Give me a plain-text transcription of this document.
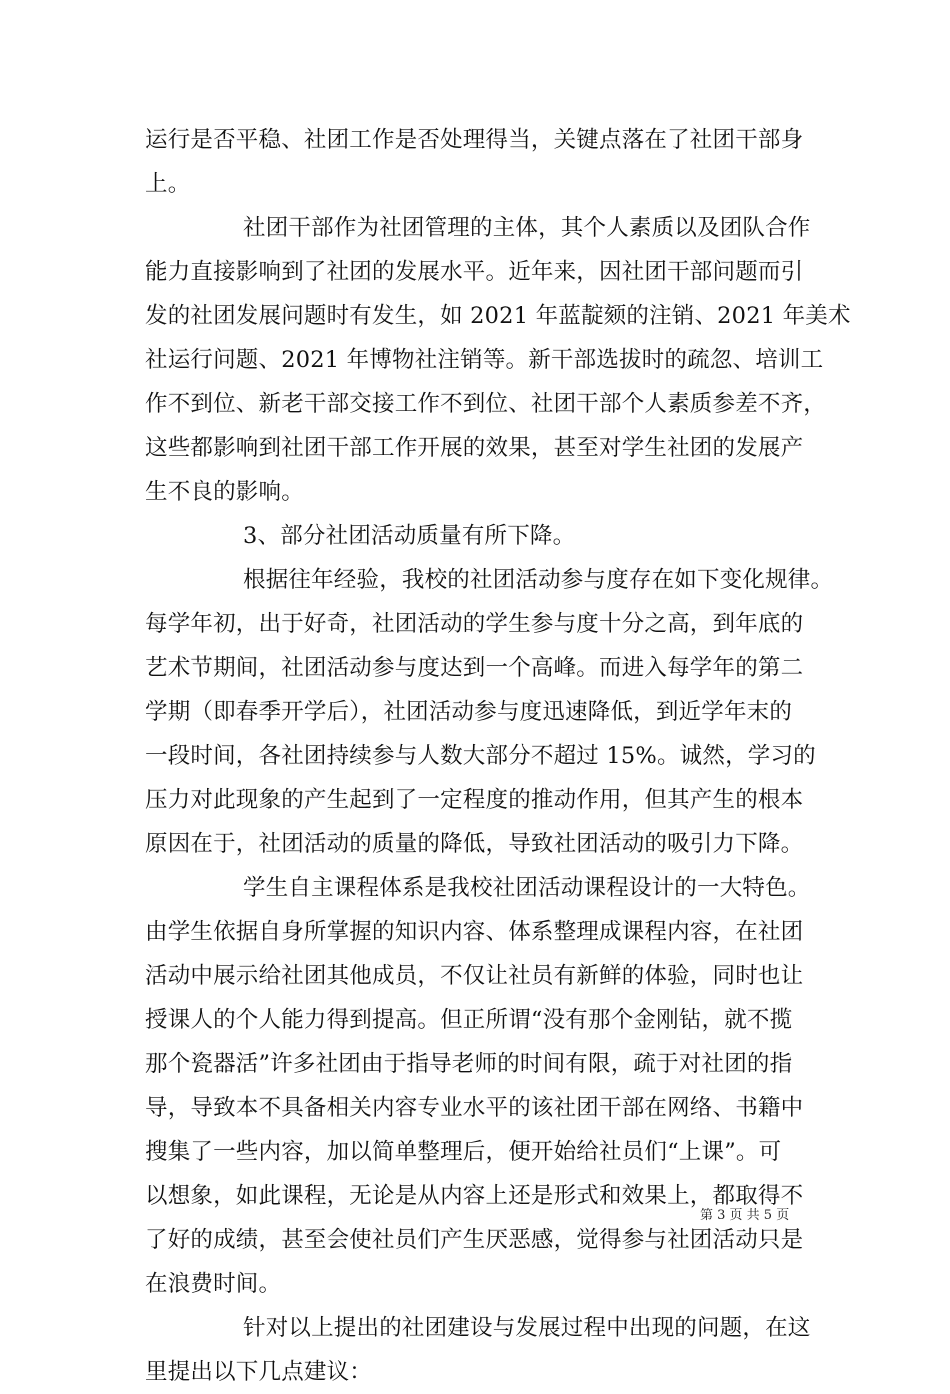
运行是否平稳、社团工作是否处理得当，关键点落在了社团干部身
上。
社团干部作为社团管理的主体，其个人素质以及团队合作
能力直接影响到了社团的发展水平。近年来，因社团干部问题而引
发的社团发展问题时有发生，如 2021 年蓝靛颏的注销、2021 年美术
社运行问题、2021 年博物社注销等。新干部选拔时的疏忽、培训工
作不到位、新老干部交接工作不到位、社团干部个人素质参差不齐，
这些都影响到社团干部工作开展的效果，甚至对学生社团的发展产
生不良的影响。
3、部分社团活动质量有所下降。
根据往年经验，我校的社团活动参与度存在如下变化规律。
每学年初，出于好奇，社团活动的学生参与度十分之高，到年底的
艺术节期间，社团活动参与度达到一个高峰。而进入每学年的第二
学期（即春季开学后），社团活动参与度迅速降低，到近学年末的
一段时间，各社团持续参与人数大部分不超过 15%。诚然，学习的
压力对此现象的产生起到了一定程度的推动作用，但其产生的根本
原因在于，社团活动的质量的降低，导致社团活动的吸引力下降。
学生自主课程体系是我校社团活动课程设计的一大特色。
由学生依据自身所掌握的知识内容、体系整理成课程内容，在社团
活动中展示给社团其他成员，不仅让社员有新鲜的体验，同时也让
授课人的个人能力得到提高。但正所谓“没有那个金刚钻，就不揽
那个瓷器活”许多社团由于指导老师的时间有限，疏于对社团的指
导，导致本不具备相关内容专业水平的该社团干部在网络、书籍中
搜集了一些内容，加以简单整理后，便开始给社员们“上课”。可
以想象，如此课程，无论是从内容上还是形式和效果上，都取得不
了好的成绩，甚至会使社员们产生厌恶感，觉得参与社团活动只是
在浪费时间。
针对以上提出的社团建设与发展过程中出现的问题，在这
里提出以下几点建议：
第 3 页 共 5 页
